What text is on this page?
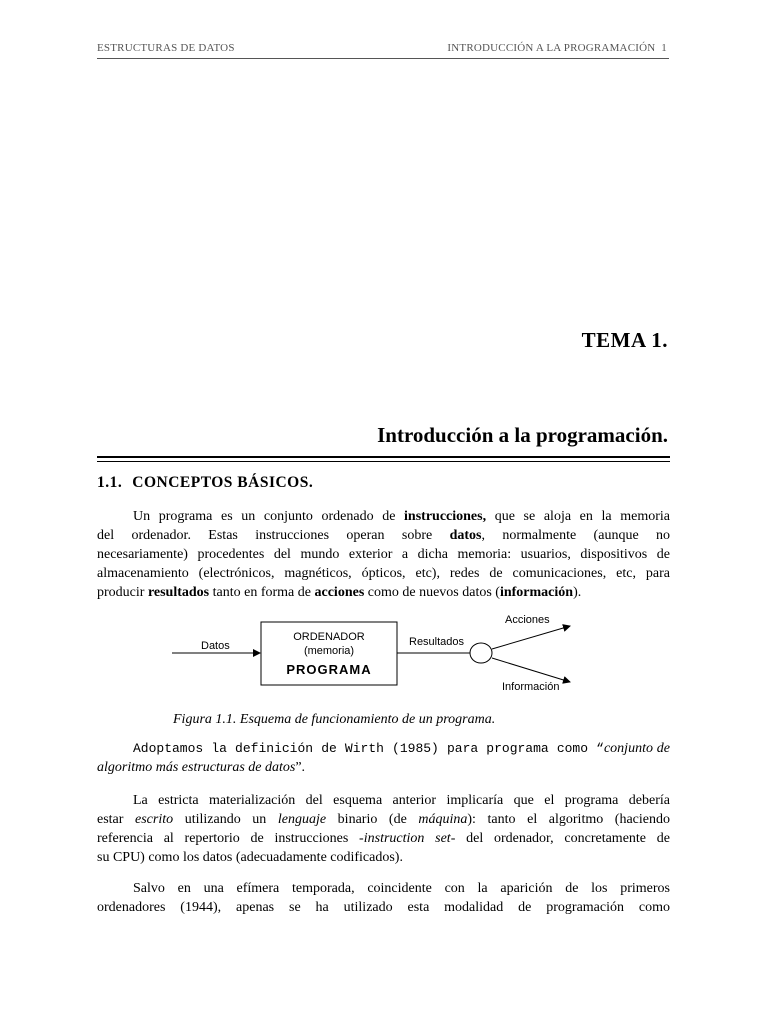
ESTRUCTURAS DE DATOS	INTRODUCCIÓN A LA PROGRAMACIÓN 1
TEMA 1.
Introducción a la programación.
1.1. CONCEPTOS BÁSICOS.
Un programa es un conjunto ordenado de instrucciones, que se aloja en la memoria
del ordenador. Estas instrucciones operan sobre datos, normalmente (aunque no
necesariamente) procedentes del mundo exterior a dicha memoria: usuarios, dispositivos de
almacenamiento (electrónicos, magnéticos, ópticos, etc), redes de comunicaciones, etc, para
producir resultados tanto en forma de acciones como de nuevos datos (información).
Datos
ORDENADOR
(memoria)
PROGRAMA
Resultados
Acciones
Información
Figura 1.1. Esquema de funcionamiento de un programa.
Adoptamos la definición de Wirth (1985) para programa como “conjunto de
algoritmo más estructuras de datos”.
La estricta materialización del esquema anterior implicaría que el programa debería
estar escrito utilizando un lenguaje binario (de máquina): tanto el algoritmo (haciendo
referencia al repertorio de instrucciones -instruction set- del ordenador, concretamente de
su CPU) como los datos (adecuadamente codificados).
Salvo en una efímera temporada, coincidente con la aparición de los primeros
ordenadores (1944), apenas se ha utilizado esta modalidad de programación como
